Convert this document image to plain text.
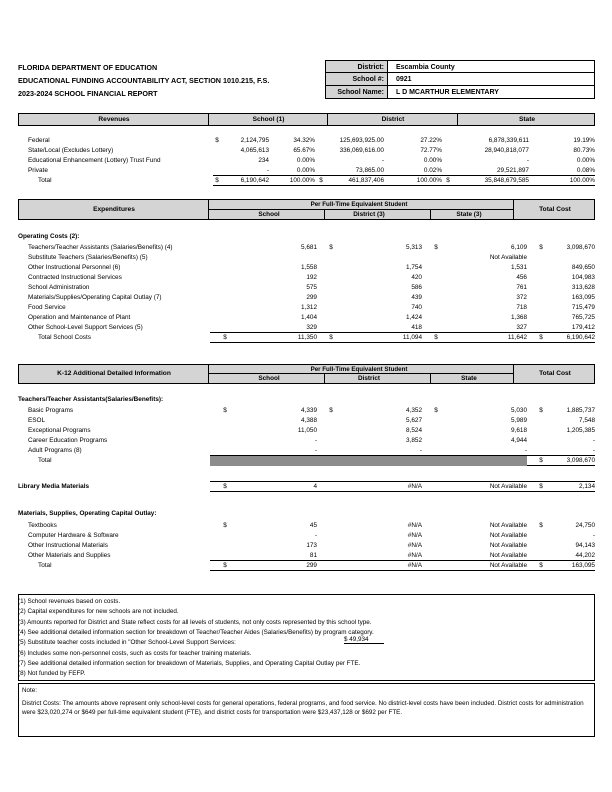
FLORIDA DEPARTMENT OF EDUCATION
EDUCATIONAL FUNDING ACCOUNTABILITY ACT, SECTION 1010.215, F.S.
2023-2024 SCHOOL FINANCIAL REPORT
District:	Escambia County
School #:	0921
School Name:	L D MCARTHUR ELEMENTARY
Revenues	School (1)	District	State
Federal	$	2,124,795	34.32%		125,693,925.00	27.22%		6,878,339,611	19.19%
State/Local (Excludes Lottery)		4,065,613	65.67%		336,069,616.00	72.77%		28,940,818,077	80.73%
Educational Enhancement (Lottery) Trust Fund		234	0.00%		-	0.00%		-	0.00%
Private		-	0.00%		73,865.00	0.02%		29,521,897	0.08%
Total	$	6,190,642	100.00%	$	461,837,406	100.00%	$	35,848,679,585	100.00%
Expenditures
Per Full-Time Equivalent Student
School	District (3)	State (3)
Total Cost
Operating Costs (2):
Teachers/Teacher Assistants (Salaries/Benefits) (4)		5,681	$	5,313	$	6,109	$	3,098,670
Substitute Teachers (Salaries/Benefits) (5)						Not Available		
Other Instructional Personnel (6)		1,558		1,754		1,531		849,650
Contracted Instructional Services		192		420		456		104,983
School Administration		575		586		761		313,628
Materials/Supplies/Operating Capital Outlay (7)		299		439		372		163,095
Food Service		1,312		740		718		715,479
Operation and Maintenance of Plant		1,404		1,424		1,368		765,725
Other School-Level Support Services (5)		329		418		327		179,412
Total School Costs	$	11,350	$	11,094	$	11,642	$	6,190,642
K-12 Additional Detailed Information
Per Full-Time Equivalent Student
School	District	State
Total Cost
Teachers/Teacher Assistants(Salaries/Benefits):
Basic Programs	$	4,339	$	4,352	$	5,030	$	1,885,737
ESOL		4,388		5,627		5,989		7,548
Exceptional Programs		11,050		8,524		9,618		1,205,385
Career Education Programs		-		3,852		4,944		-
Adult Programs (8)		-		-		-		-
Total							$	3,098,670
Library Media Materials	$	4		#N/A		Not Available	$	2,134
Materials, Supplies, Operating Capital Outlay:
Textbooks	$	45		#N/A		Not Available	$	24,750
Computer Hardware & Software		-		#N/A		Not Available		-
Other Instructional Materials		173		#N/A		Not Available		94,143
Other Materials and Supplies		81		#N/A		Not Available		44,202
Total	$	299		#N/A		Not Available	$	163,095
(1) School revenues based on costs.
(2) Capital expenditures for new schools are not included.
(3) Amounts reported for District and State reflect costs for all levels of students, not only costs represented by this school type.
(4) See additional detailed information section for breakdown of Teacher/Teacher Aides (Salaries/Benefits) by program category.
(5) Substitute teacher costs included in "Other School-Level Support Services:
(6) Includes some non-personnel costs, such as costs for teacher training materials.
(7) See additional detailed information section for breakdown of Materials, Supplies, and Operating Capital Outlay per FTE.
(8) Not funded by FEFP.
$ 49,934
Note:
District Costs: The amounts above represent only school-level costs for general operations, federal programs, and food service. No district-level costs have been included. District costs for administration were $23,020,274 or $649 per full-time equivalent student (FTE), and district costs for transportation were $23,437,128 or $692 per FTE.
